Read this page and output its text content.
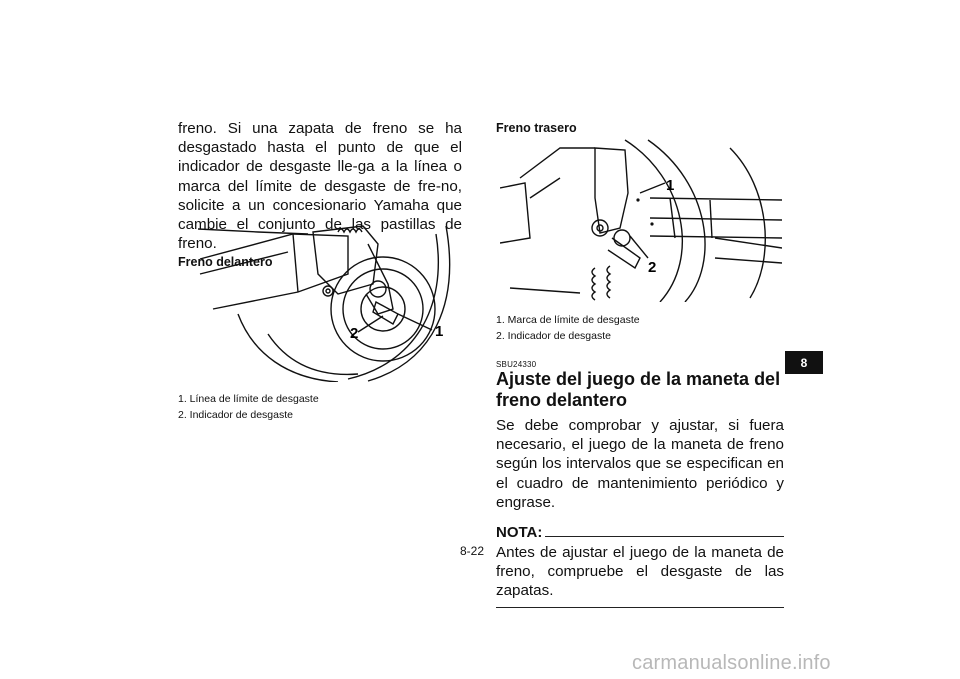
freno. Si una zapata de freno se ha desgastado hasta el punto de que el indicador de desgaste lle-ga a la línea o marca del límite de desgaste de fre-no, solicite a un concesionario Yamaha que cambie el conjunto de las pastillas de freno.

Freno delantero

2	1
1. Línea de límite de desgaste
2. Indicador de desgaste

Freno trasero

1
2
1. Marca de límite de desgaste
2. Indicador de desgaste
SBU24330
Ajuste del juego de la maneta del freno delantero

Se debe comprobar y ajustar, si fuera necesario, el juego de la maneta de freno según los intervalos que se especifican en el cuadro de mantenimiento periódico y engrase.

NOTA:

Antes de ajustar el juego de la maneta de freno, compruebe el desgaste de las zapatas.

8
8-22
carmanualsonline.info
